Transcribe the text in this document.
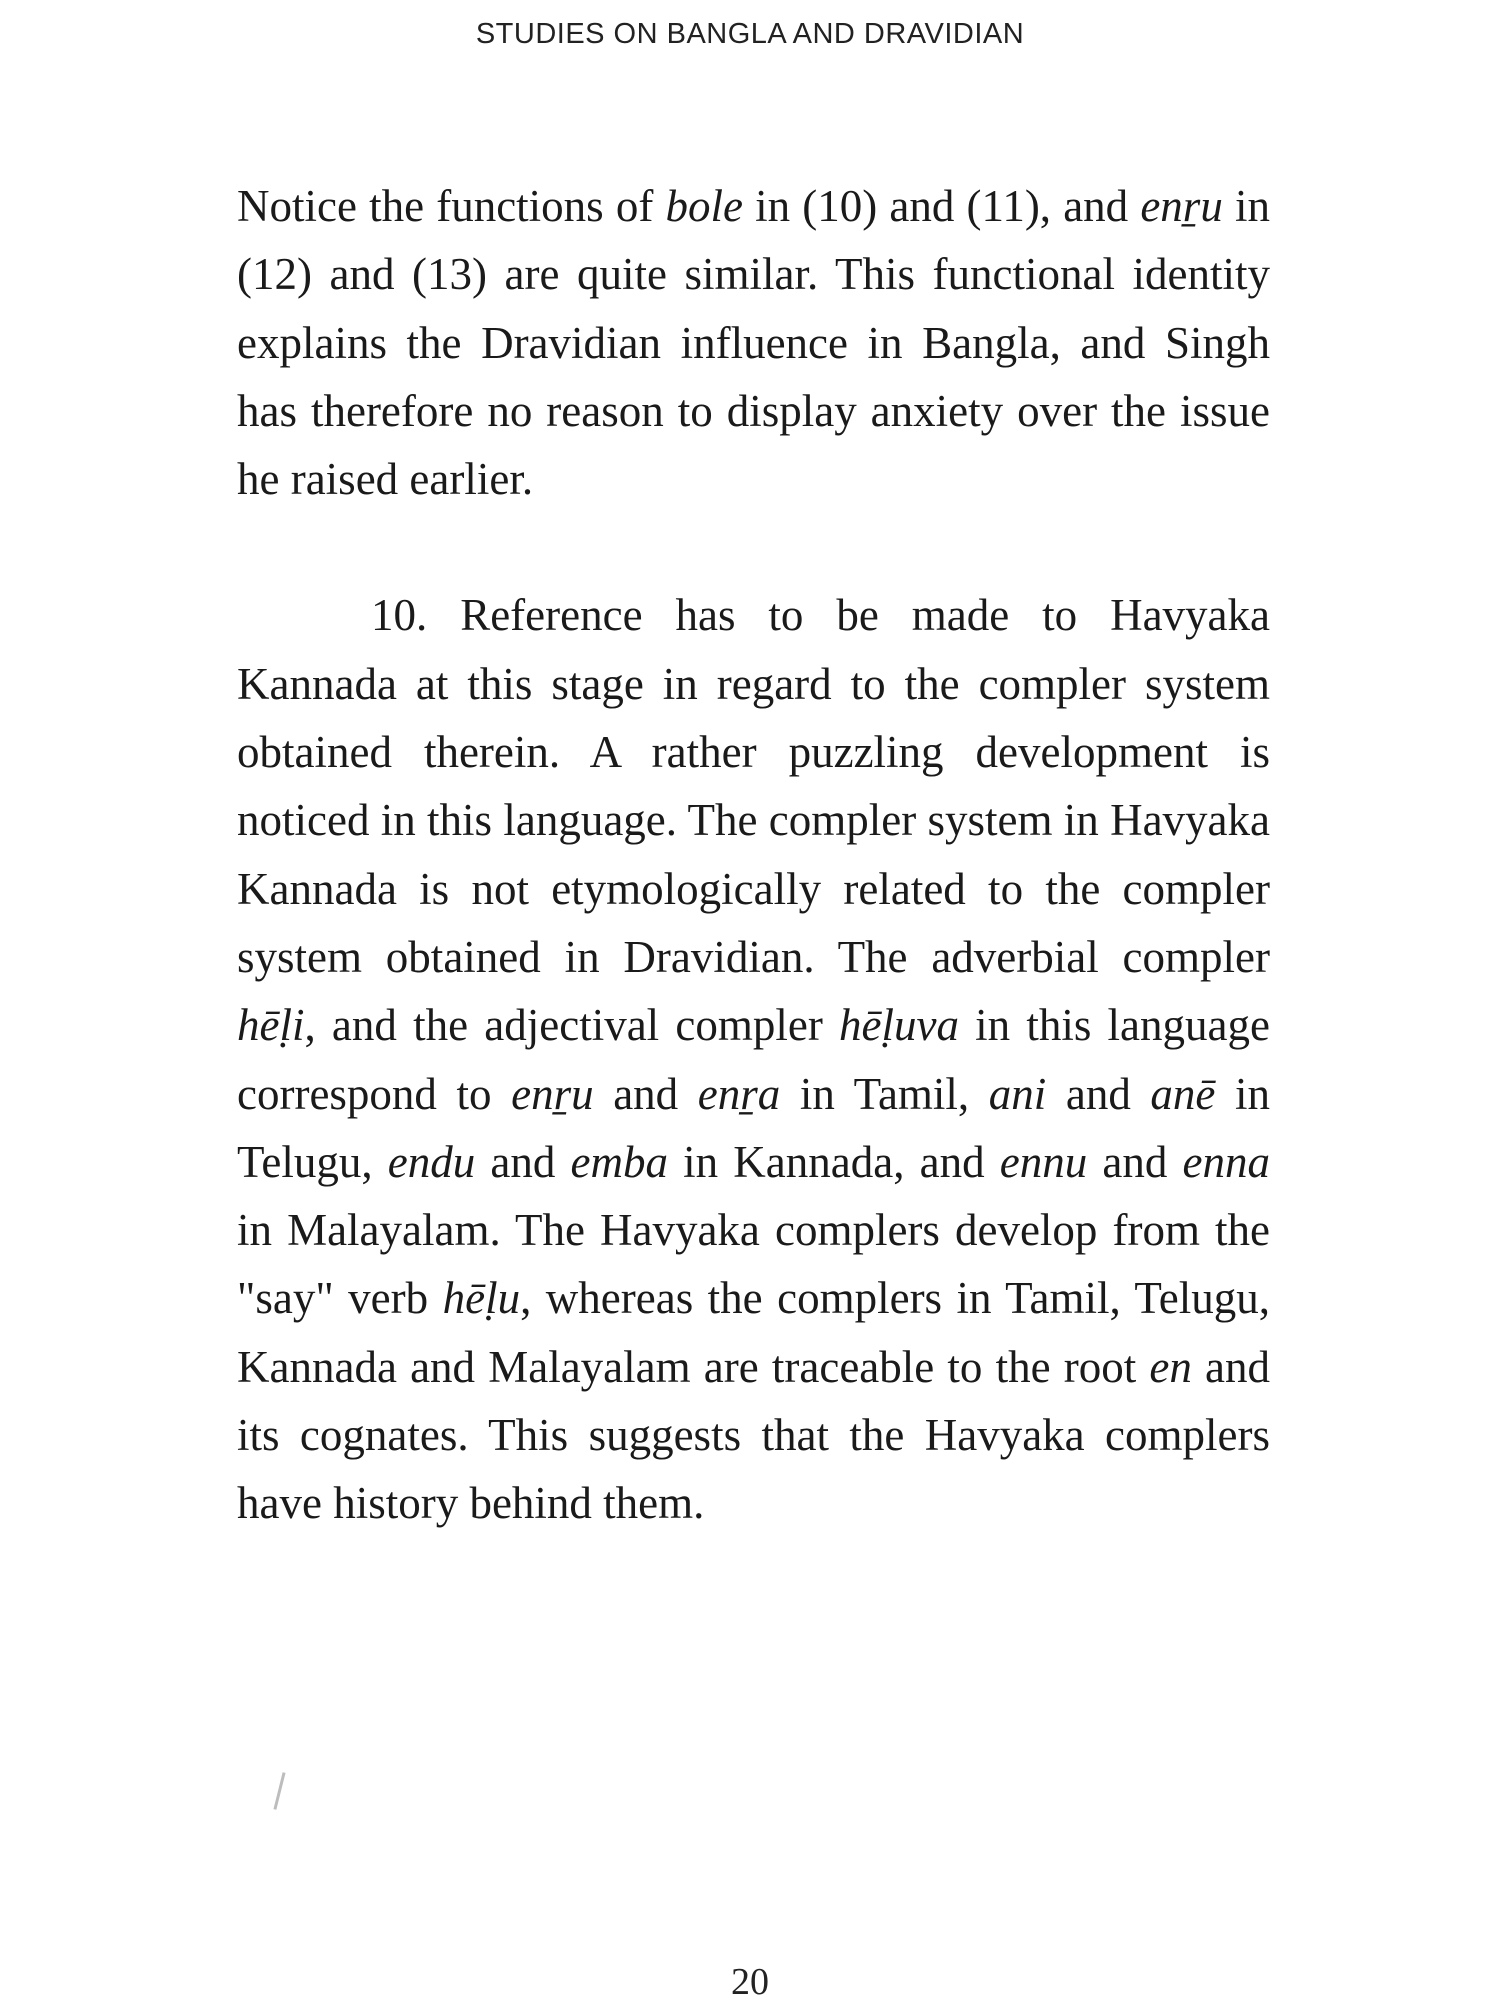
STUDIES ON BANGLA AND DRAVIDIAN

Notice the functions of bole in (10) and (11), and enṟu in (12) and (13) are quite similar. This functional identity explains the Dravidian influence in Bangla, and Singh has therefore no reason to display anxiety over the issue he raised earlier.

10. Reference has to be made to Havyaka Kannada at this stage in regard to the compler system obtained therein. A rather puzzling development is noticed in this language. The compler system in Havyaka Kannada is not etymologically related to the compler system obtained in Dravidian. The adverbial compler hēḷi, and the adjectival compler hēḷuva in this language correspond to enṟu and enṟa in Tamil, ani and anē in Telugu, endu and emba in Kannada, and ennu and enna in Malayalam. The Havyaka complers develop from the "say" verb hēḷu, whereas the complers in Tamil, Telugu, Kannada and Malayalam are traceable to the root en and its cognates. This suggests that the Havyaka complers have history behind them.

20
